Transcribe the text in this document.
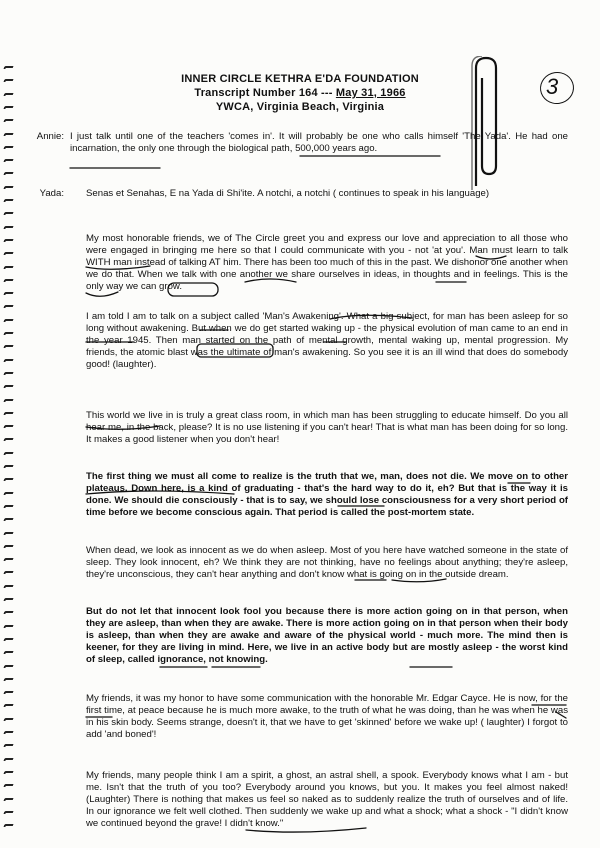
INNER CIRCLE KETHRA E'DA FOUNDATION
Transcript Number 164 --- May 31, 1966
YWCA, Virginia Beach, Virginia
3
Annie: I just talk until one of the teachers 'comes in'. It will probably be one who calls himself 'The Yada'. He had one incarnation, the only one through the biological path, 500,000 years ago.
Yada: Senas et Senahas, E na Yada di Shi'ite. A notchi, a notchi ( continues to speak in his language)
My most honorable friends, we of The Circle greet you and express our love and appreciation to all those who were engaged in bringing me here so that I could communicate with you - not 'at you'. Man must learn to talk WITH man instead of talking AT him. There has been too much of this in the past. We dishonor one another when we do that. When we talk with one another we share ourselves in ideas, in thoughts and in feelings. This is the only way we can grow.
I am told I am to talk on a subject called 'Man's Awakening'. What a big subject, for man has been asleep for so long without awakening. But when we do get started waking up - the physical evolution of man came to an end in the year 1945. Then man started on the path of mental growth, mental waking up, mental progression. My friends, the atomic blast was the ultimate of man's awakening. So you see it is an ill wind that does do somebody good! (laughter).
This world we live in is truly a great class room, in which man has been struggling to educate himself. Do you all hear me, in the back, please? It is no use listening if you can't hear! That is what man has been doing for so long. It makes a good listener when you don't hear!
The first thing we must all come to realize is the truth that we, man, does not die. We move on to other plateaus. Down here, is a kind of graduating - that's the hard way to do it, eh? But that is the way it is done. We should die consciously - that is to say, we should lose consciousness for a very short period of time before we become conscious again. That period is called the post-mortem state.
When dead, we look as innocent as we do when asleep. Most of you here have watched someone in the state of sleep. They look innocent, eh? We think they are not thinking, have no feelings about anything; they're asleep, they're unconscious, they can't hear anything and don't know what is going on in the outside dream.
But do not let that innocent look fool you because there is more action going on in that person, when they are asleep, than when they are awake. There is more action going on in that person when their body is asleep, than when they are awake and aware of the physical world - much more. The mind then is keener, for they are living in mind. Here, we live in an active body but are mostly asleep - the worst kind of sleep, called ignorance, not knowing.
My friends, it was my honor to have some communication with the honorable Mr. Edgar Cayce. He is now, for the first time, at peace because he is much more awake, to the truth of what he was doing, than he was when he was in his skin body. Seems strange, doesn't it, that we have to get 'skinned' before we wake up! ( laughter) I forgot to add 'and boned'!
My friends, many people think I am a spirit, a ghost, an astral shell, a spook. Everybody knows what I am - but me. Isn't that the truth of you too? Everybody around you knows, but you. It makes you feel almost naked! (Laughter) There is nothing that makes us feel so naked as to suddenly realize the truth of ourselves and of life. In our ignorance we felt well clothed. Then suddenly we wake up and what a shock; what a shock - "I didn't know we continued beyond the grave! I didn't know."
